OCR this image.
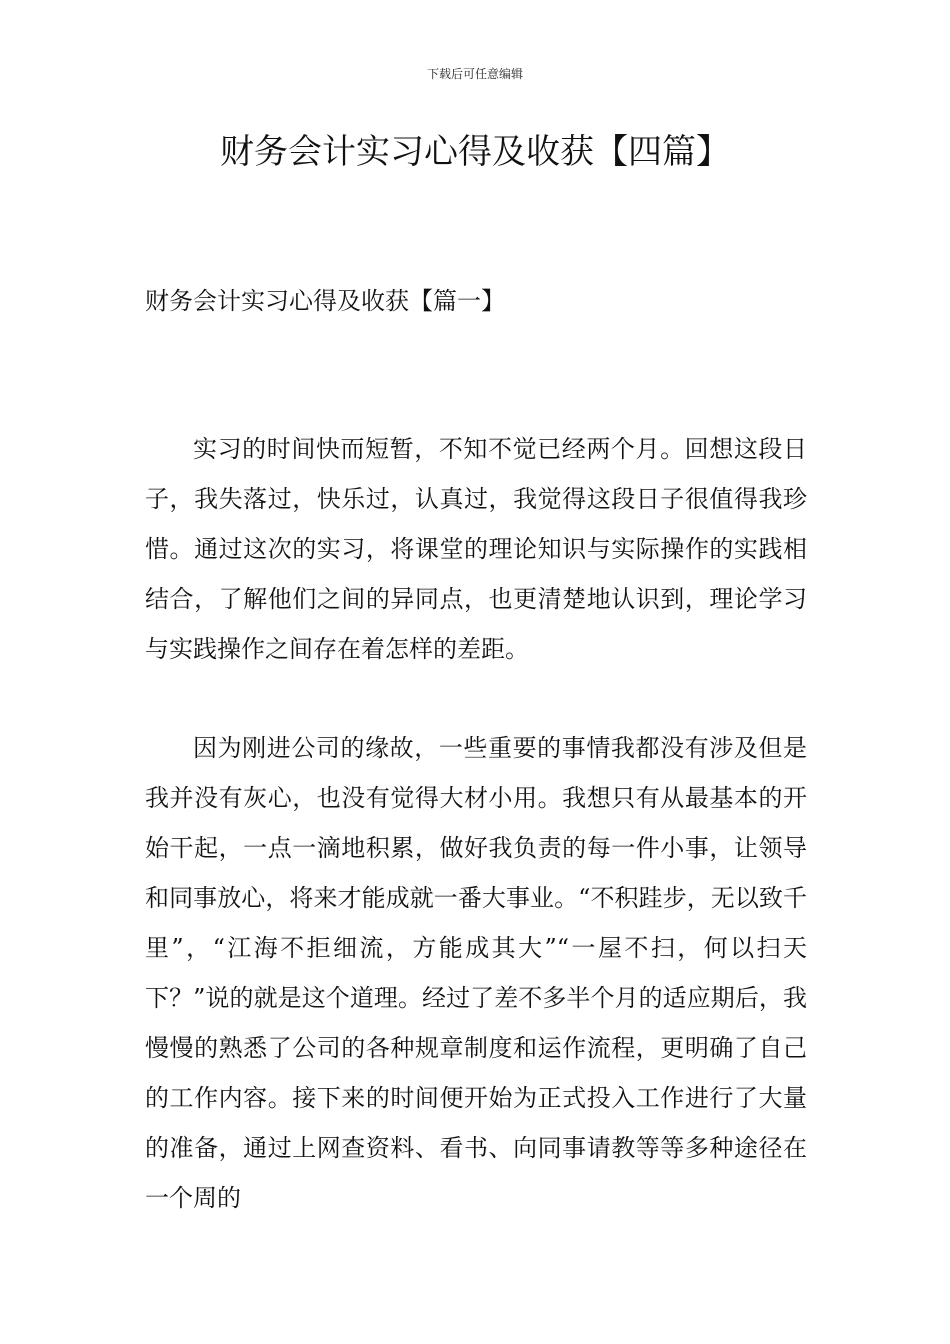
下载后可任意编辑
财务会计实习心得及收获【四篇】
财务会计实习心得及收获【篇一】

实习的时间快而短暂，不知不觉已经两个月。回想这段日子，我失落过，快乐过，认真过，我觉得这段日子很值得我珍惜。通过这次的实习，将课堂的理论知识与实际操作的实践相结合，了解他们之间的异同点，也更清楚地认识到，理论学习与实践操作之间存在着怎样的差距。

因为刚进公司的缘故，一些重要的事情我都没有涉及但是我并没有灰心，也没有觉得大材小用。我想只有从最基本的开始干起，一点一滴地积累，做好我负责的每一件小事，让领导和同事放心，将来才能成就一番大事业。“不积跬步，无以致千里”，“江海不拒细流，方能成其大”“一屋不扫，何以扫天下？”说的就是这个道理。经过了差不多半个月的适应期后，我慢慢的熟悉了公司的各种规章制度和运作流程，更明确了自己的工作内容。接下来的时间便开始为正式投入工作进行了大量的准备，通过上网查资料、看书、向同事请教等等多种途径在一个周的
